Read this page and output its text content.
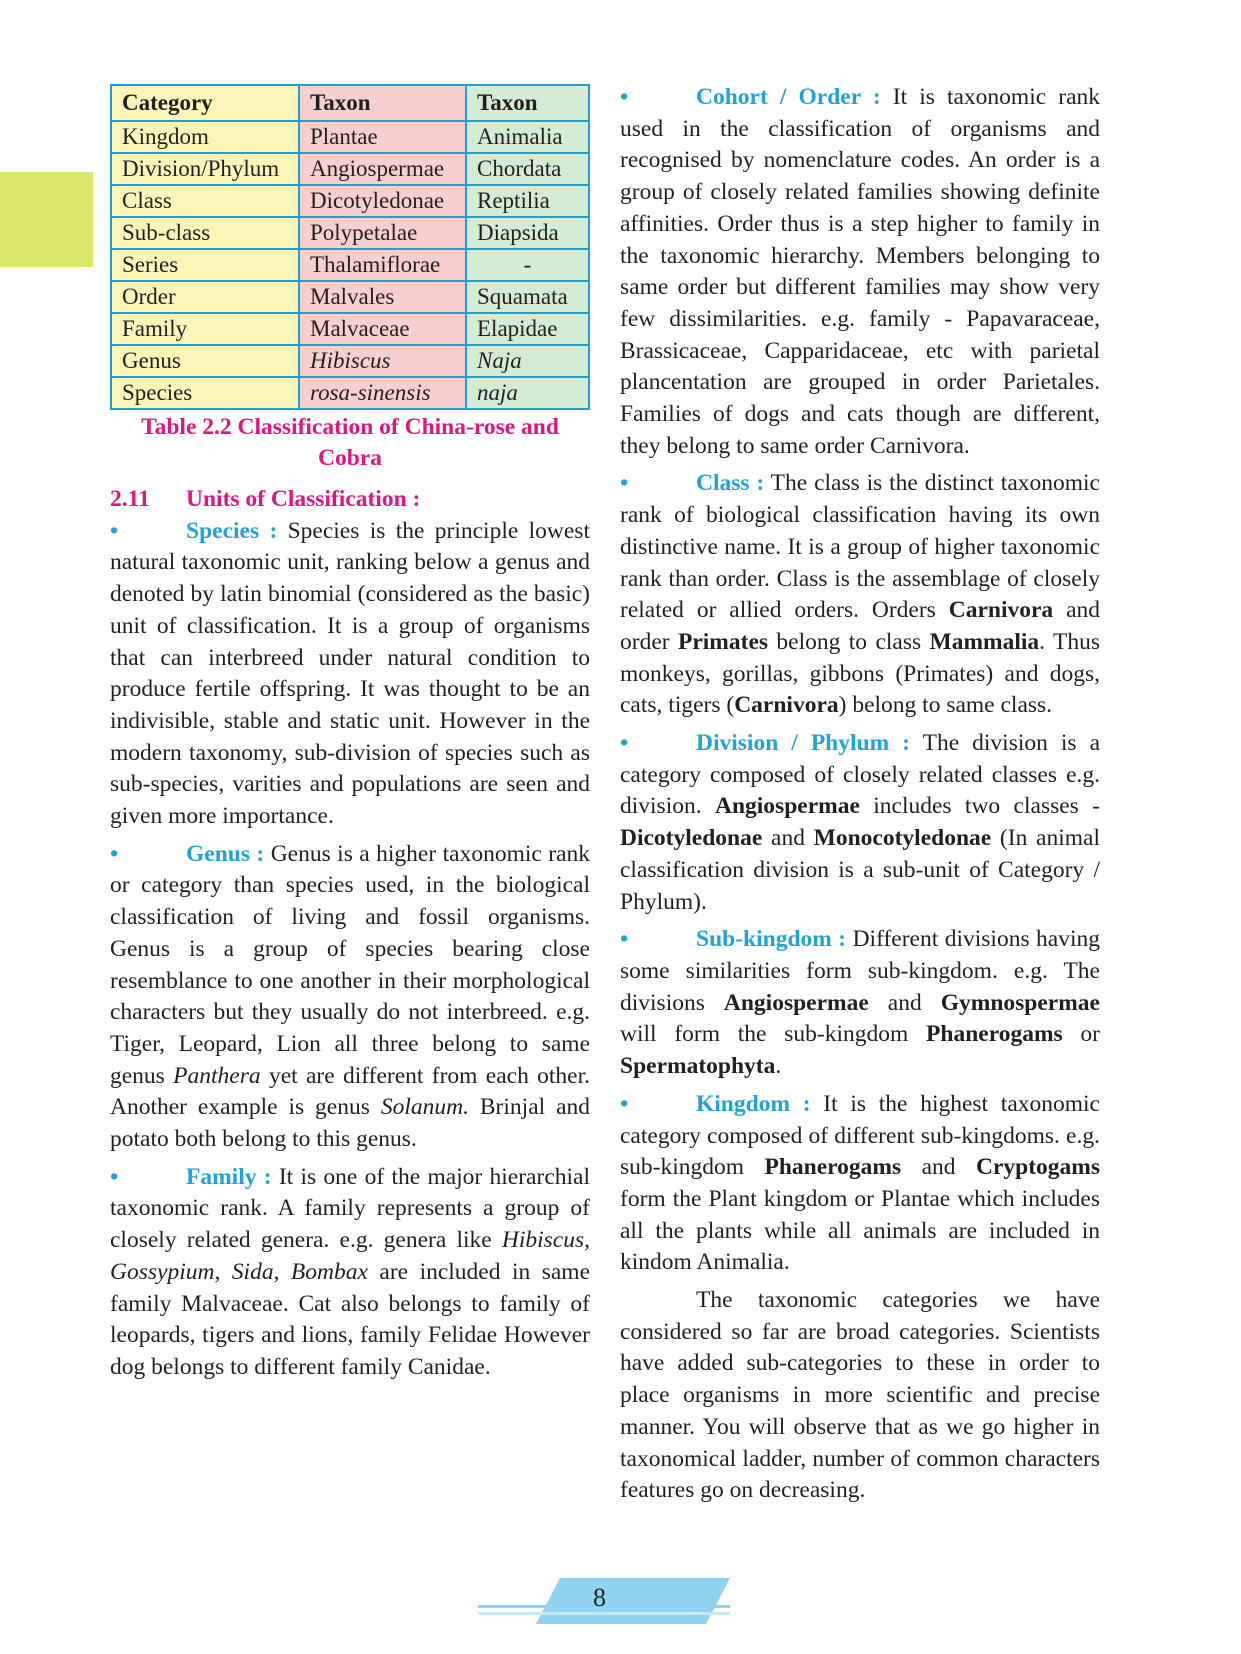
Category	Taxon	Taxon
Kingdom	Plantae	Animalia
Division/Phylum	Angiospermae	Chordata
Class	Dicotyledonae	Reptilia
Sub-class	Polypetalae	Diapsida
Series	Thalamiflorae	-
Order	Malvales	Squamata
Family	Malvaceae	Elapidae
Genus	Hibiscus	Naja
Species	rosa-sinensis	naja
Table 2.2 Classification of China-rose and
Cobra
2.11 Units of Classification :

•	Species : Species is the principle lowest natural taxonomic unit, ranking below a genus and denoted by latin binomial (considered as the basic) unit of classification. It is a group of organisms that can interbreed under natural condition to produce fertile offspring. It was thought to be an indivisible, stable and static unit. However in the modern taxonomy, sub-division of species such as sub-species, varities and populations are seen and given more importance.

•	Genus : Genus is a higher taxonomic rank or category than species used, in the biological classification of living and fossil organisms. Genus is a group of species bearing close resemblance to one another in their morphological characters but they usually do not interbreed. e.g. Tiger, Leopard, Lion all three belong to same genus Panthera yet are different from each other. Another example is genus Solanum. Brinjal and potato both belong to this genus.

•	Family : It is one of the major hierarchial taxonomic rank. A family represents a group of closely related genera. e.g. genera like Hibiscus, Gossypium, Sida, Bombax are included in same family Malvaceae. Cat also belongs to family of leopards, tigers and lions, family Felidae However dog belongs to different family Canidae.

•	Cohort / Order : It is taxonomic rank used in the classification of organisms and recognised by nomenclature codes. An order is a group of closely related families showing definite affinities. Order thus is a step higher to family in the taxonomic hierarchy. Members belonging to same order but different families may show very few dissimilarities. e.g. family - Papavaraceae, Brassicaceae, Capparidaceae, etc with parietal plancentation are grouped in order Parietales. Families of dogs and cats though are different, they belong to same order Carnivora.

•	Class : The class is the distinct taxonomic rank of biological classification having its own distinctive name. It is a group of higher taxonomic rank than order. Class is the assemblage of closely related or allied orders. Orders Carnivora and order Primates belong to class Mammalia. Thus monkeys, gorillas, gibbons (Primates) and dogs, cats, tigers (Carnivora) belong to same class.

•	Division / Phylum : The division is a category composed of closely related classes e.g. division. Angiospermae includes two classes - Dicotyledonae and Monocotyledonae (In animal classification division is a sub-unit of Category / Phylum).

•	Sub-kingdom : Different divisions having some similarities form sub-kingdom. e.g. The divisions Angiospermae and Gymnospermae will form the sub-kingdom Phanerogams or Spermatophyta.

•	Kingdom : It is the highest taxonomic category composed of different sub-kingdoms. e.g. sub-kingdom Phanerogams and Cryptogams form the Plant kingdom or Plantae which includes all the plants while all animals are included in kindom Animalia.

The taxonomic categories we have considered so far are broad categories. Scientists have added sub-categories to these in order to place organisms in more scientific and precise manner. You will observe that as we go higher in taxonomical ladder, number of common characters features go on decreasing.

8
